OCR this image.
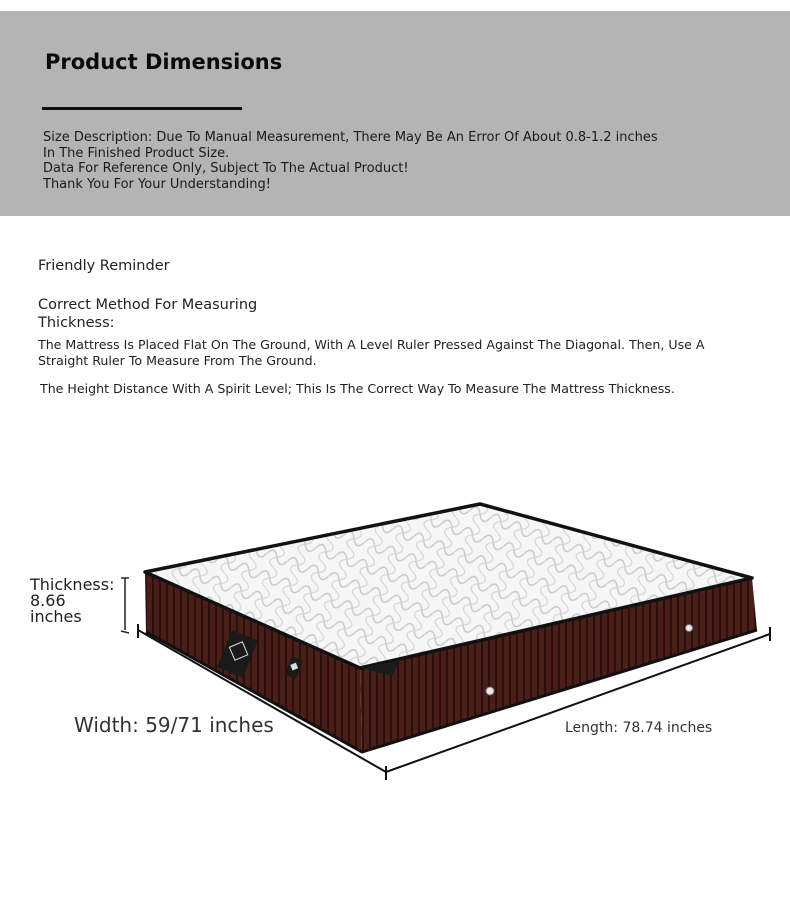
Product Dimensions
Size Description: Due To Manual Measurement, There May Be An Error Of About 0.8-1.2 inches
In The Finished Product Size.
Data For Reference Only, Subject To The Actual Product!
Thank You For Your Understanding!
Friendly Reminder
Correct Method For Measuring
Thickness:
The Mattress Is Placed Flat On The Ground, With A Level Ruler Pressed Against The Diagonal. Then, Use A
Straight Ruler To Measure From The Ground.
The Height Distance With A Spirit Level; This Is The Correct Way To Measure The Mattress Thickness.
Thickness:
8.66
inches
Width: 59/71 inches	Length: 78.74 inches
